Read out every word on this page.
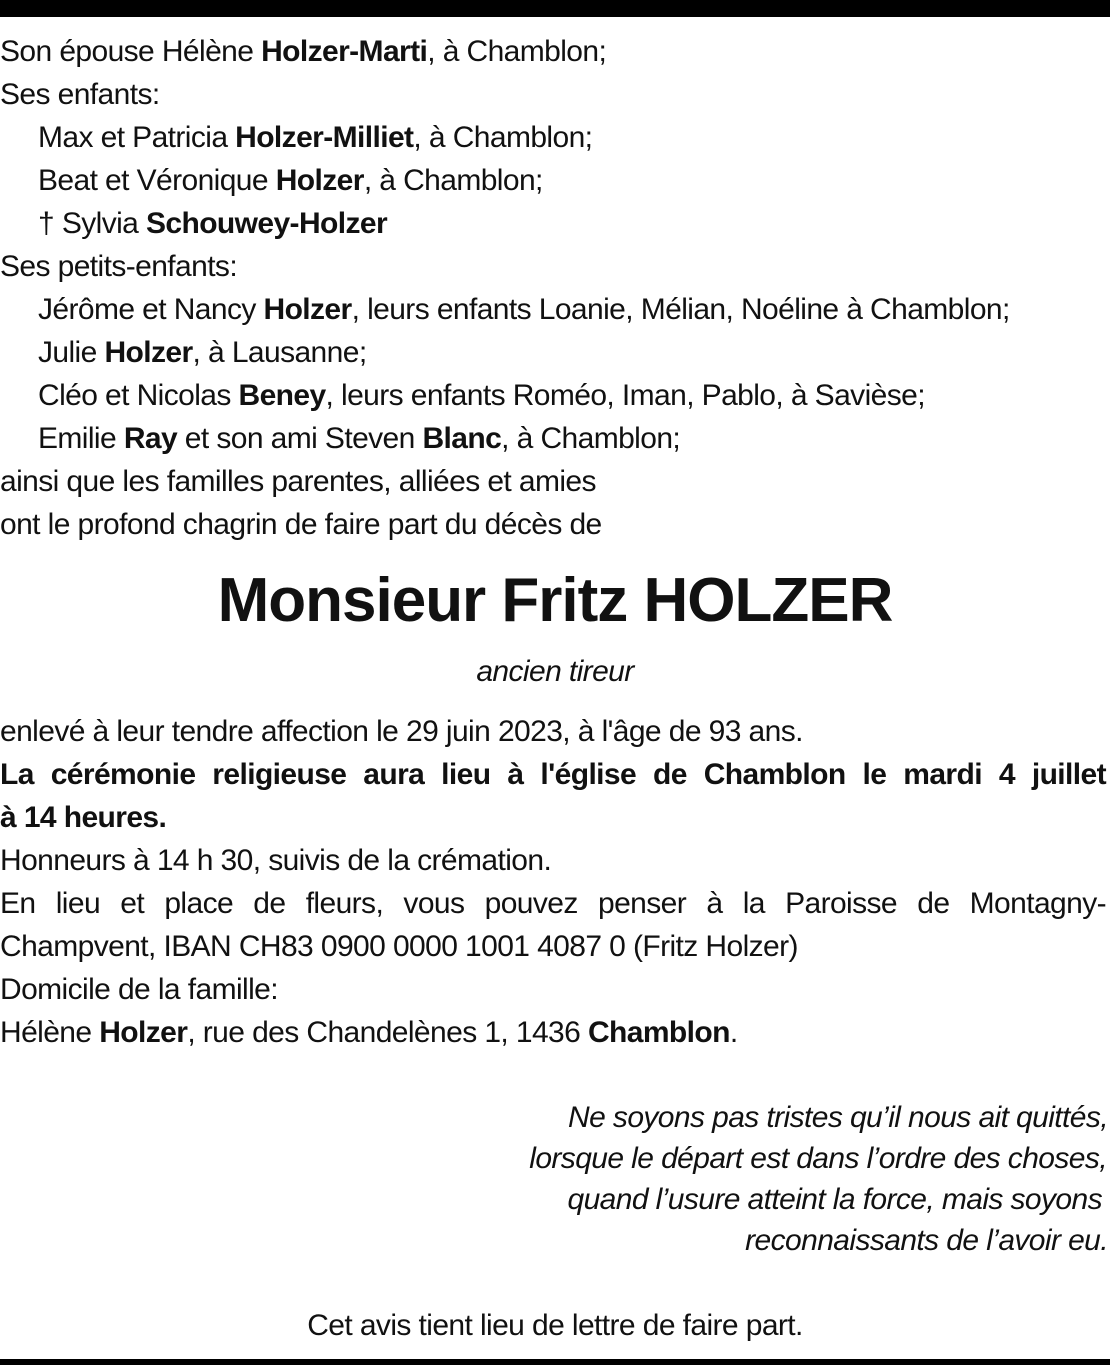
Son épouse Hélène Holzer-Marti, à Chamblon;
Ses enfants:
Max et Patricia Holzer-Milliet, à Chamblon;
Beat et Véronique Holzer, à Chamblon;
† Sylvia Schouwey-Holzer
Ses petits-enfants:
Jérôme et Nancy Holzer, leurs enfants Loanie, Mélian, Noéline à Chamblon;
Julie Holzer, à Lausanne;
Cléo et Nicolas Beney, leurs enfants Roméo, Iman, Pablo, à Savièse;
Emilie Ray et son ami Steven Blanc, à Chamblon;
ainsi que les familles parentes, alliées et amies
ont le profond chagrin de faire part du décès de
Monsieur Fritz HOLZER
ancien tireur
enlevé à leur tendre affection le 29 juin 2023, à l'âge de 93 ans.
La cérémonie religieuse aura lieu à l'église de Chamblon le mardi 4 juillet
à 14 heures.
Honneurs à 14 h 30, suivis de la crémation.
En lieu et place de fleurs, vous pouvez penser à la Paroisse de Montagny-
Champvent, IBAN CH83 0900 0000 1001 4087 0 (Fritz Holzer)
Domicile de la famille:
Hélène Holzer, rue des Chandelènes 1, 1436 Chamblon.
Ne soyons pas tristes qu’il nous ait quittés,
lorsque le départ est dans l’ordre des choses,
quand l’usure atteint la force, mais soyons
reconnaissants de l’avoir eu.
Cet avis tient lieu de lettre de faire part.
